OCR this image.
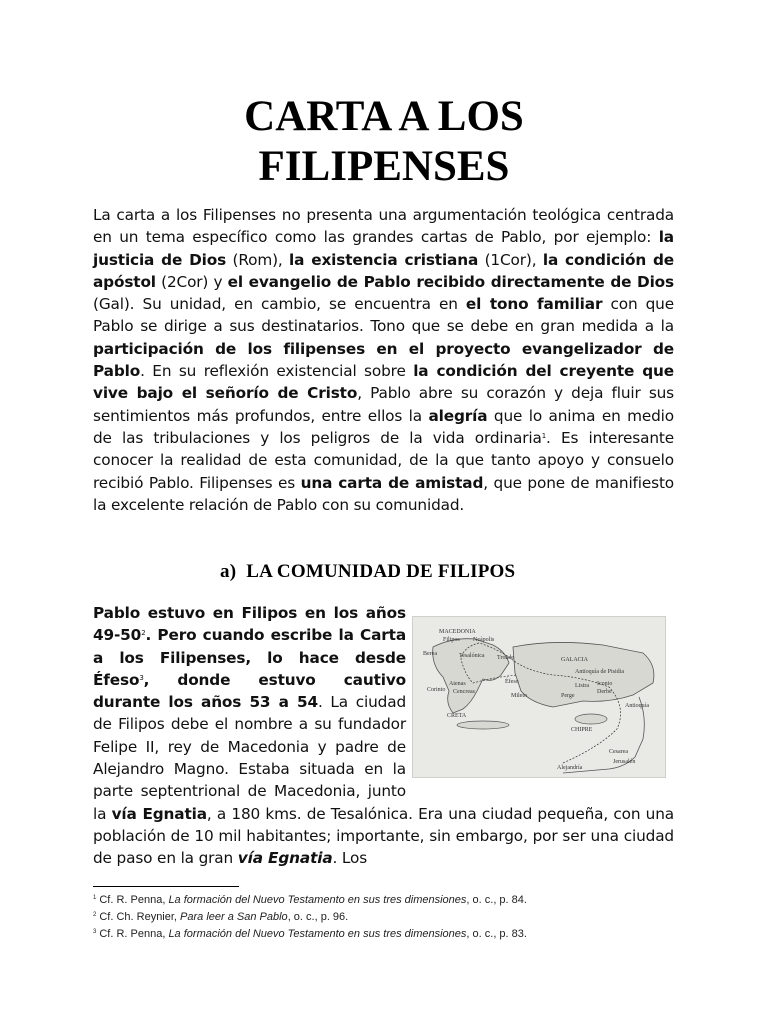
CARTA A LOS
FILIPENSES

La carta a los Filipenses no presenta una argumentación teológica centrada en un tema específico como las grandes cartas de Pablo, por ejemplo: la justicia de Dios (Rom), la existencia cristiana (1Cor), la condición de apóstol (2Cor) y el evangelio de Pablo recibido directamente de Dios (Gal). Su unidad, en cambio, se encuentra en el tono familiar con que Pablo se dirige a sus destinatarios. Tono que se debe en gran medida a la participación de los filipenses en el proyecto evangelizador de Pablo. En su reflexión existencial sobre la condición del creyente que vive bajo el señorío de Cristo, Pablo abre su corazón y deja fluir sus sentimientos más profundos, entre ellos la alegría que lo anima en medio de las tribulaciones y los peligros de la vida ordinaria$^1$. Es interesante conocer la realidad de esta comunidad, de la que tanto apoyo y consuelo recibió Pablo. Filipenses es una carta de amistad, que pone de manifiesto la excelente relación de Pablo con su comunidad.

a) LA COMUNIDAD DE FILIPOS

MACEDONIA
Filipos Neápolis
Berea	Tesalónica Troade
Éfeso
Atenas
Corinto Cencreas
Mileto
GALACIA
Antioquía de Pisidia
Iconio
Listra
Derbe
Perge
Antioquía
CRETA
CHIPRE
Cesarea
Jerusalén
Alejandría
Pablo estuvo en Filipos en los años $49-50^2$. Pero cuando escribe la Carta a los Filipenses, lo hace desde Éfeso$^3$, donde estuvo cautivo durante los años 53 a 54. La ciudad de Filipos debe el nombre a su fundador Felipe II, rey de Macedonia y padre de Alejandro Magno. Estaba situada en la parte septentrional de Macedonia, junto la vía Egnatia, a 180 kms. de Tesalónica. Era una ciudad pequeña, con una población de 10 mil habitantes; importante, sin embargo, por ser una ciudad de paso en la gran vía Egnatia. Los

$^1$ Cf. R. Penna, La formación del Nuevo Testamento en sus tres dimensiones, o. c., p. 84.
$^2$ Cf. Ch. Reynier, Para leer a San Pablo, o. c., p. 96.
$^3$ Cf. R. Penna, La formación del Nuevo Testamento en sus tres dimensiones, o. c., p. 83.
